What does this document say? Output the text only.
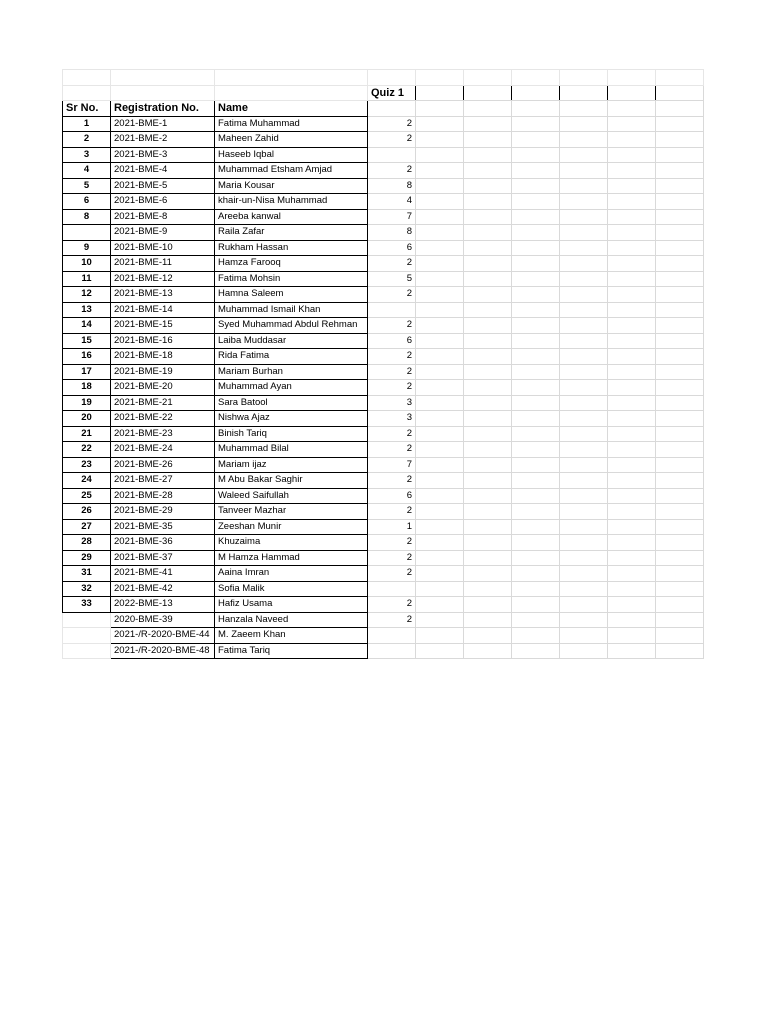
			Quiz 1						
Sr No.	Registration No.	Name							
1	2021-BME-1	Fatima Muhammad	2						
2	2021-BME-2	Maheen Zahid	2						
3	2021-BME-3	Haseeb Iqbal							
4	2021-BME-4	Muhammad Etsham Amjad	2						
5	2021-BME-5	Maria Kousar	8						
6	2021-BME-6	khair-un-Nisa Muhammad	4						
8	2021-BME-8	Areeba kanwal	7						
	2021-BME-9	Raila Zafar	8						
9	2021-BME-10	Rukham Hassan	6						
10	2021-BME-11	Hamza Farooq	2						
11	2021-BME-12	Fatima Mohsin	5						
12	2021-BME-13	Hamna Saleem	2						
13	2021-BME-14	Muhammad Ismail Khan							
14	2021-BME-15	Syed Muhammad Abdul Rehman	2						
15	2021-BME-16	Laiba Muddasar	6						
16	2021-BME-18	Rida Fatima	2						
17	2021-BME-19	Mariam Burhan	2						
18	2021-BME-20	Muhammad Ayan	2						
19	2021-BME-21	Sara Batool	3						
20	2021-BME-22	Nishwa Ajaz	3						
21	2021-BME-23	Binish Tariq	2						
22	2021-BME-24	Muhammad Bilal	2						
23	2021-BME-26	Mariam ijaz	7						
24	2021-BME-27	M Abu Bakar Saghir	2						
25	2021-BME-28	Waleed Saifullah	6						
26	2021-BME-29	Tanveer Mazhar	2						
27	2021-BME-35	Zeeshan Munir	1						
28	2021-BME-36	Khuzaima	2						
29	2021-BME-37	M Hamza Hammad	2						
31	2021-BME-41	Aaina Imran	2						
32	2021-BME-42	Sofia Malik							
33	2022-BME-13	Hafiz Usama	2						
	2020-BME-39	Hanzala Naveed	2						
	2021-/R-2020-BME-44	M. Zaeem Khan							
	2021-/R-2020-BME-48	Fatima Tariq							
